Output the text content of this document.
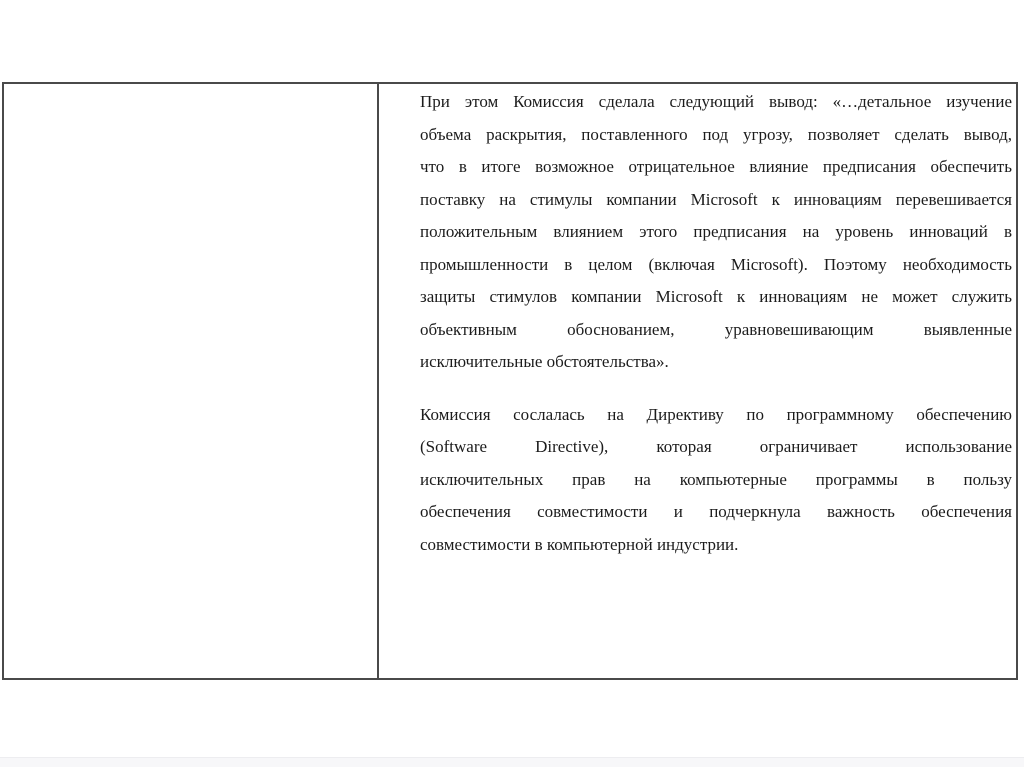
При этом Комиссия сделала следующий вывод: «…детальное изучение
объема раскрытия, поставленного под угрозу, позволяет сделать вывод,
что в итоге возможное отрицательное влияние предписания обеспечить
поставку на стимулы компании Microsoft к инновациям перевешивается
положительным влиянием этого предписания на уровень инноваций в
промышленности в целом (включая Microsoft). Поэтому необходимость
защиты стимулов компании Microsoft к инновациям не может служить
объективным обоснованием, уравновешивающим выявленные
исключительные обстоятельства».
Комиссия сослалась на Директиву по программному обеспечению
(Software Directive), которая ограничивает использование
исключительных прав на компьютерные программы в пользу
обеспечения совместимости и подчеркнула важность обеспечения
совместимости в компьютерной индустрии.
